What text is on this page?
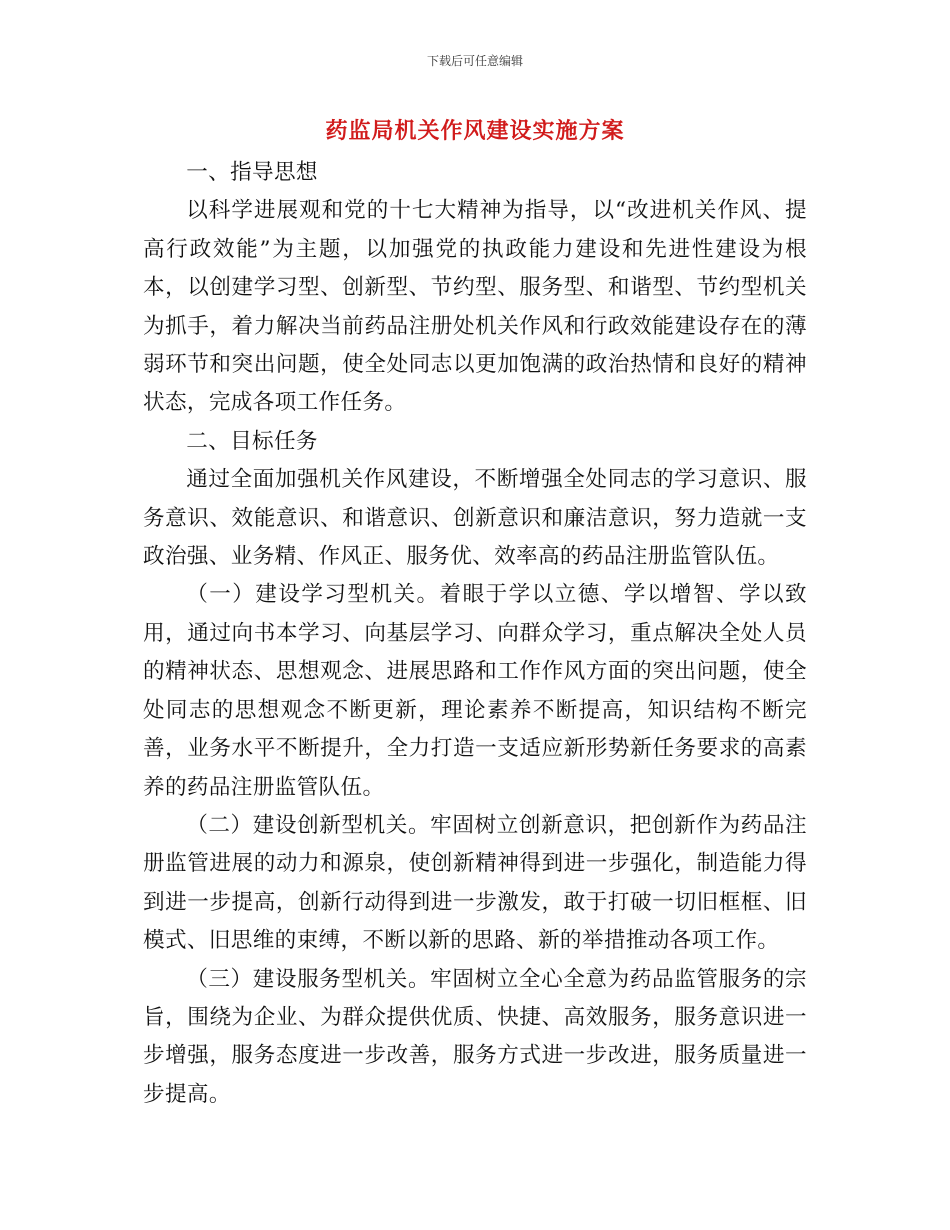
下载后可任意编辑
药监局机关作风建设实施方案

一、指导思想

以科学进展观和党的十七大精神为指导，以“改进机关作风、提高行政效能”为主题，以加强党的执政能力建设和先进性建设为根本，以创建学习型、创新型、节约型、服务型、和谐型、节约型机关为抓手，着力解决当前药品注册处机关作风和行政效能建设存在的薄弱环节和突出问题，使全处同志以更加饱满的政治热情和良好的精神状态，完成各项工作任务。

二、目标任务

通过全面加强机关作风建设，不断增强全处同志的学习意识、服务意识、效能意识、和谐意识、创新意识和廉洁意识，努力造就一支政治强、业务精、作风正、服务优、效率高的药品注册监管队伍。

（一）建设学习型机关。着眼于学以立德、学以增智、学以致用，通过向书本学习、向基层学习、向群众学习，重点解决全处人员的精神状态、思想观念、进展思路和工作作风方面的突出问题，使全处同志的思想观念不断更新，理论素养不断提高，知识结构不断完善，业务水平不断提升，全力打造一支适应新形势新任务要求的高素养的药品注册监管队伍。

（二）建设创新型机关。牢固树立创新意识，把创新作为药品注册监管进展的动力和源泉，使创新精神得到进一步强化，制造能力得到进一步提高，创新行动得到进一步激发，敢于打破一切旧框框、旧模式、旧思维的束缚，不断以新的思路、新的举措推动各项工作。

（三）建设服务型机关。牢固树立全心全意为药品监管服务的宗旨，围绕为企业、为群众提供优质、快捷、高效服务，服务意识进一步增强，服务态度进一步改善，服务方式进一步改进，服务质量进一步提高。
